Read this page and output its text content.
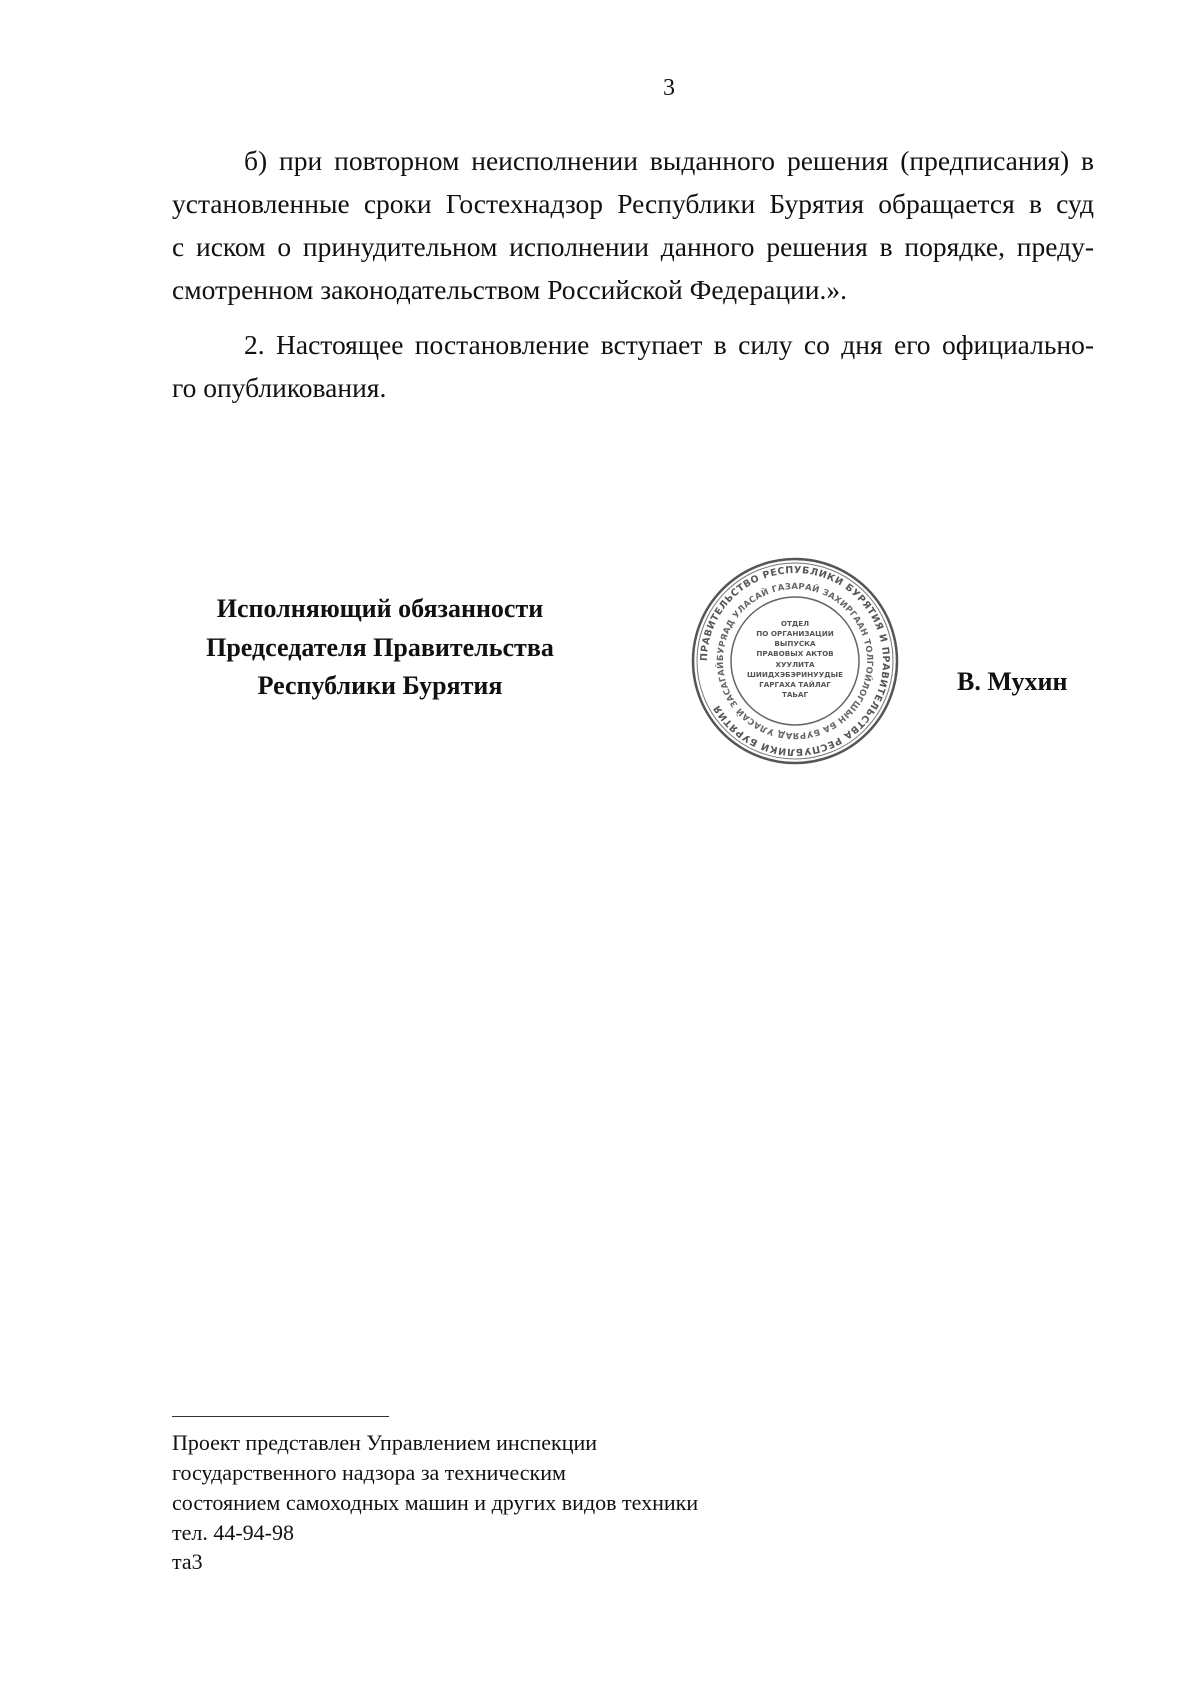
3
б) при повторном неисполнении выданного решения (предписания) в
установленные сроки Гостехнадзор Республики Бурятия обращается в суд
с иском о принудительном исполнении данного решения в порядке, преду-
смотренном законодательством Российской Федерации.».
2. Настоящее постановление вступает в силу со дня его официально-
го опубликования.
Исполняющий обязанности
Председателя Правительства
Республики Бурятия
ПРАВИТЕЛЬСТВО РЕСПУБЛИКИ БУРЯТИЯ И ПРАВИТЕЛЬСТВА РЕСПУБЛИКИ БУРЯТИЯ
БУРЯАД УЛАСАЙ ГАЗАРАЙ ЗАХИРГААН ТОЛГОЙЛОГШЫН БА БУРЯАД УЛАСАЙ ЗАСАГАЙ
ОТДЕЛ
ПО ОРГАНИЗАЦИИ
ВЫПУСКА
ПРАВОВЫХ АКТОВ
ХУУЛИТА
ШИИДХЭБЭРИНУУДЫЕ
ГАРГАХА ТАЙЛАГ
ТАЬАГ	В. Мухин
Проект представлен Управлением инспекции
государственного надзора за техническим
состоянием самоходных машин и других видов техники
тел. 44-94-98
та3
